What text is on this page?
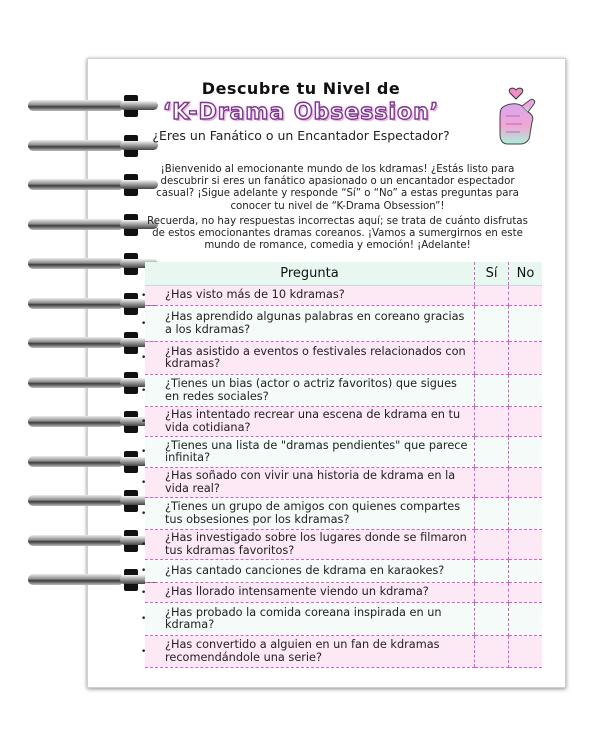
Descubre tu Nivel de
‘K-Drama Obsession’
¿Eres un Fanático o un Encantador Espectador?
¡Bienvenido al emocionante mundo de los kdramas! ¿Estás listo para descubrir si eres un fanático apasionado o un encantador espectador casual? ¡Sigue adelante y responde “Sí” o “No” a estas preguntas para conocer tu nivel de “K-Drama Obsession”!
Recuerda, no hay respuestas incorrectas aquí; se trata de cuánto disfrutas de estos emocionantes dramas coreanos. ¡Vamos a sumergirnos en este mundo de romance, comedia y emoción! ¡Adelante!
Pregunta	Sí	No
• ¿Has visto más de 10 kdramas?		
• ¿Has aprendido algunas palabras en coreano gracias a los kdramas?		
• ¿Has asistido a eventos o festivales relacionados con kdramas?		
• ¿Tienes un bias (actor o actriz favoritos) que sigues en redes sociales?		
• ¿Has intentado recrear una escena de kdrama en tu vida cotidiana?		
• ¿Tienes una lista de "dramas pendientes" que parece infinita?		
• ¿Has soñado con vivir una historia de kdrama en la vida real?		
• ¿Tienes un grupo de amigos con quienes compartes tus obsesiones por los kdramas?		
• ¿Has investigado sobre los lugares donde se filmaron tus kdramas favoritos?		
• ¿Has cantado canciones de kdrama en karaokes?		
• ¿Has llorado intensamente viendo un kdrama?		
• ¿Has probado la comida coreana inspirada en un kdrama?		
• ¿Has convertido a alguien en un fan de kdramas recomendándole una serie?		
